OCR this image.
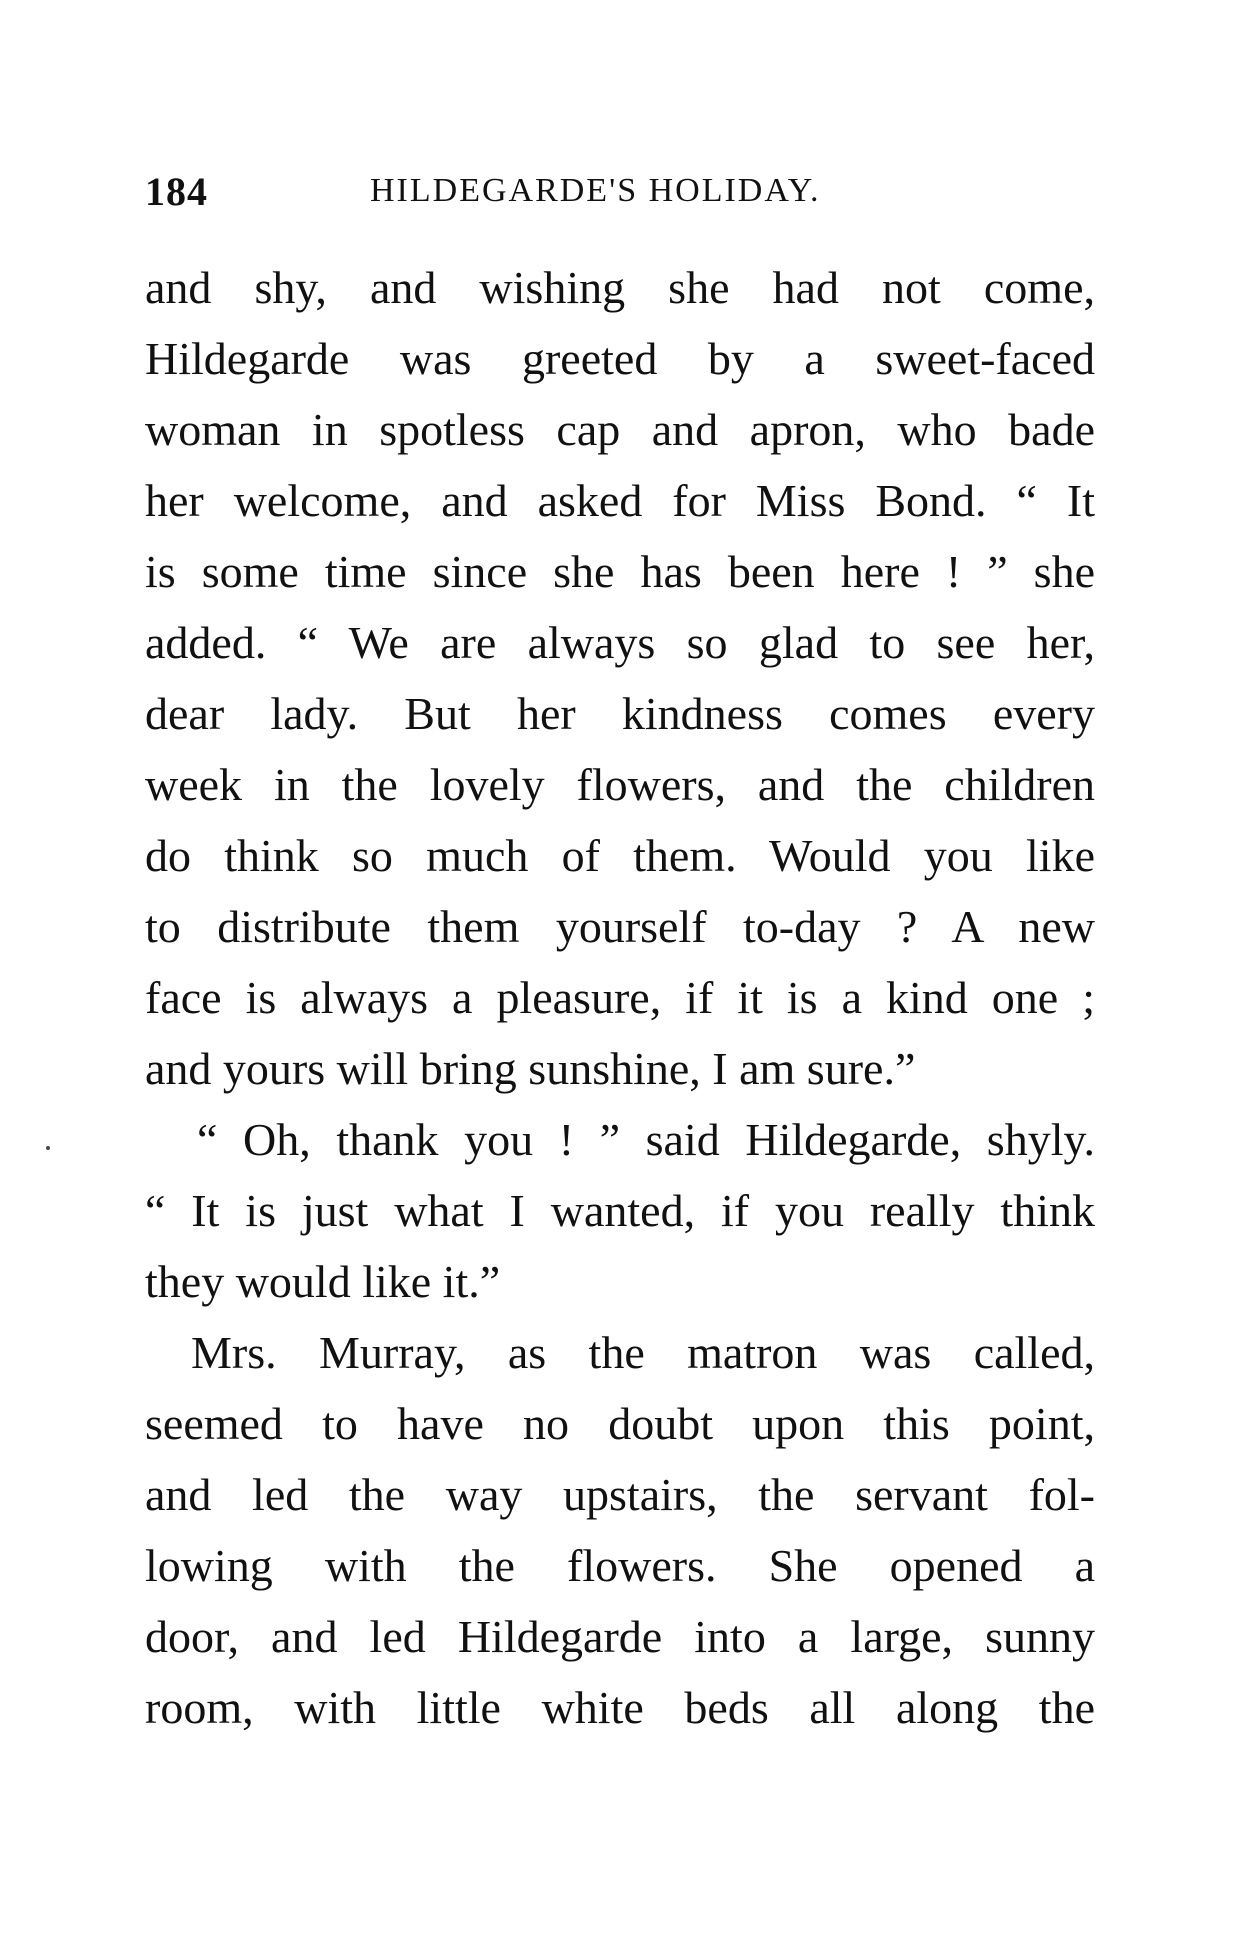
184	HILDEGARDE'S HOLIDAY.
and shy, and wishing she had not come,
Hildegarde was greeted by a sweet-faced
woman in spotless cap and apron, who bade
her welcome, and asked for Miss Bond. “ It
is some time since she has been here ! ” she
added. “ We are always so glad to see her,
dear lady. But her kindness comes every
week in the lovely flowers, and the children
do think so much of them. Would you like
to distribute them yourself to-day ? A new
face is always a pleasure, if it is a kind one ;
and yours will bring sunshine, I am sure.”
“ Oh, thank you ! ” said Hildegarde, shyly.
“ It is just what I wanted, if you really think
they would like it.”
Mrs. Murray, as the matron was called,
seemed to have no doubt upon this point,
and led the way upstairs, the servant fol-
lowing with the flowers. She opened a
door, and led Hildegarde into a large, sunny
room, with little white beds all along the
